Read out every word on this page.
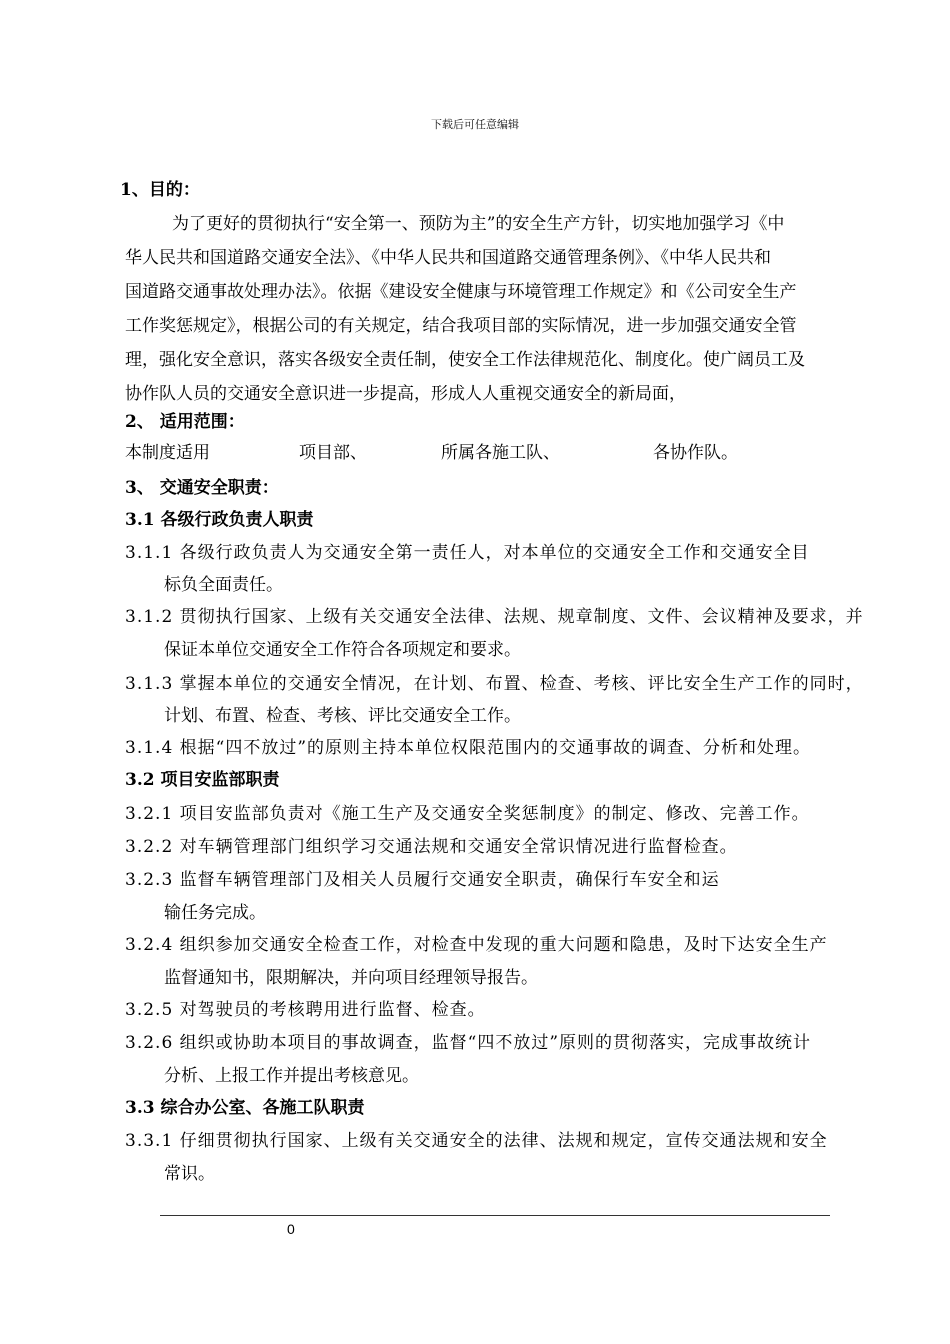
下载后可任意编辑
1、目的：
为了更好的贯彻执行“安全第一、预防为主”的安全生产方针，切实地加强学习《中
华人民共和国道路交通安全法》、《中华人民共和国道路交通管理条例》、《中华人民共和
国道路交通事故处理办法》。依据《建设安全健康与环境管理工作规定》和《公司安全生产
工作奖惩规定》，根据公司的有关规定，结合我项目部的实际情况，进一步加强交通安全管
理，强化安全意识，落实各级安全责任制，使安全工作法律规范化、制度化。使广阔员工及
协作队人员的交通安全意识进一步提高，形成人人重视交通安全的新局面，
2、 适用范围：
本制度适用	项目部、	所属各施工队、	各协作队。
3、 交通安全职责：
3.1 各级行政负责人职责
3.1.1 各级行政负责人为交通安全第一责任人，对本单位的交通安全工作和交通安全目
标负全面责任。
3.1.2 贯彻执行国家、上级有关交通安全法律、法规、规章制度、文件、会议精神及要求，并
保证本单位交通安全工作符合各项规定和要求。
3.1.3 掌握本单位的交通安全情况，在计划、布置、检查、考核、评比安全生产工作的同时，
计划、布置、检查、考核、评比交通安全工作。
3.1.4 根据“四不放过”的原则主持本单位权限范围内的交通事故的调查、分析和处理。
3.2 项目安监部职责
3.2.1 项目安监部负责对《施工生产及交通安全奖惩制度》的制定、修改、完善工作。
3.2.2 对车辆管理部门组织学习交通法规和交通安全常识情况进行监督检查。
3.2.3 监督车辆管理部门及相关人员履行交通安全职责，确保行车安全和运
输任务完成。
3.2.4 组织参加交通安全检查工作，对检查中发现的重大问题和隐患，及时下达安全生产
监督通知书，限期解决，并向项目经理领导报告。
3.2.5 对驾驶员的考核聘用进行监督、检查。
3.2.6 组织或协助本项目的事故调查，监督“四不放过”原则的贯彻落实，完成事故统计
分析、上报工作并提出考核意见。
3.3 综合办公室、各施工队职责
3.3.1 仔细贯彻执行国家、上级有关交通安全的法律、法规和规定，宣传交通法规和安全
常识。
0
